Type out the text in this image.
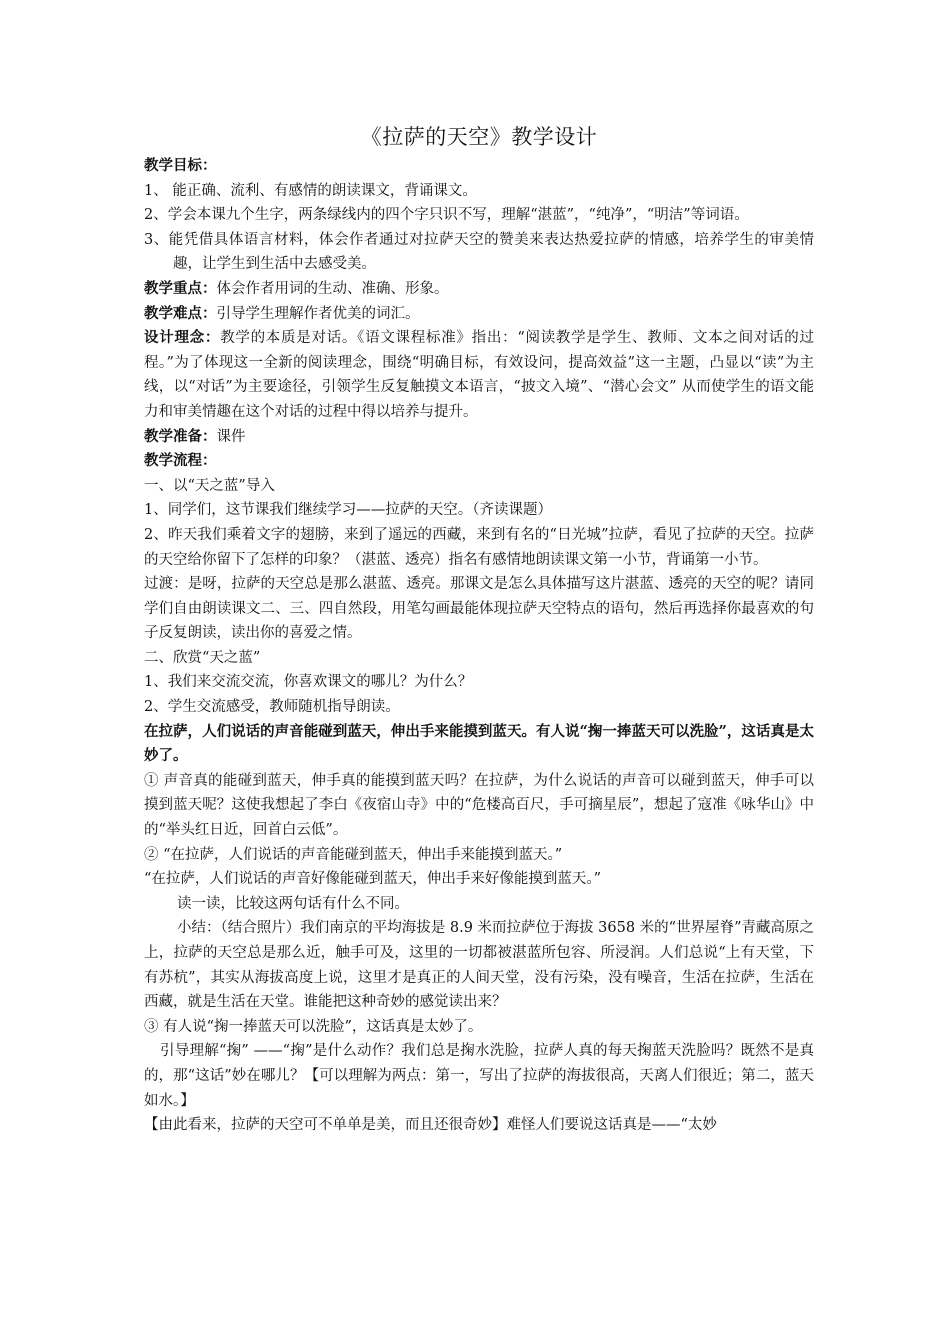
《拉萨的天空》教学设计

教学目标：

1、 能正确、流利、有感情的朗读课文，背诵课文。

2、学会本课九个生字，两条绿线内的四个字只识不写，理解“湛蓝”，“纯净”，“明洁”等词语。

3、能凭借具体语言材料，体会作者通过对拉萨天空的赞美来表达热爱拉萨的情感，培养学生的审美情趣，让学生到生活中去感受美。

教学重点：体会作者用词的生动、准确、形象。

教学难点：引导学生理解作者优美的词汇。

设计理念：教学的本质是对话。《语文课程标准》指出：“阅读教学是学生、教师、文本之间对话的过程。”为了体现这一全新的阅读理念，围绕“明确目标，有效设问，提高效益”这一主题，凸显以“读”为主线，以“对话”为主要途径，引领学生反复触摸文本语言，“披文入境”、“潜心会文” 从而使学生的语文能力和审美情趣在这个对话的过程中得以培养与提升。

教学准备：课件

教学流程：

一、以“天之蓝”导入

1、同学们，这节课我们继续学习——拉萨的天空。（齐读课题）

2、昨天我们乘着文字的翅膀，来到了遥远的西藏，来到有名的“日光城”拉萨，看见了拉萨的天空。拉萨的天空给你留下了怎样的印象？（湛蓝、透亮）指名有感情地朗读课文第一小节，背诵第一小节。

过渡：是呀，拉萨的天空总是那么湛蓝、透亮。那课文是怎么具体描写这片湛蓝、透亮的天空的呢？请同学们自由朗读课文二、三、四自然段，用笔勾画最能体现拉萨天空特点的语句，然后再选择你最喜欢的句子反复朗读，读出你的喜爱之情。

二、欣赏“天之蓝”

1、我们来交流交流，你喜欢课文的哪儿？为什么？

2、学生交流感受，教师随机指导朗读。

在拉萨，人们说话的声音能碰到蓝天，伸出手来能摸到蓝天。有人说“掬一捧蓝天可以洗脸”，这话真是太妙了。

① 声音真的能碰到蓝天，伸手真的能摸到蓝天吗？在拉萨，为什么说话的声音可以碰到蓝天，伸手可以摸到蓝天呢？这使我想起了李白《夜宿山寺》中的“危楼高百尺，手可摘星辰”，想起了寇准《咏华山》中的“举头红日近，回首白云低”。

② “在拉萨，人们说话的声音能碰到蓝天，伸出手来能摸到蓝天。”

“在拉萨，人们说话的声音好像能碰到蓝天，伸出手来好像能摸到蓝天。”

读一读，比较这两句话有什么不同。

小结：（结合照片）我们南京的平均海拔是 8.9 米而拉萨位于海拔 3658 米的“世界屋脊”青藏高原之上，拉萨的天空总是那么近，触手可及，这里的一切都被湛蓝所包容、所浸润。人们总说“上有天堂，下有苏杭”，其实从海拔高度上说，这里才是真正的人间天堂，没有污染，没有噪音，生活在拉萨，生活在西藏，就是生活在天堂。谁能把这种奇妙的感觉读出来？

③ 有人说“掬一捧蓝天可以洗脸”，这话真是太妙了。

引导理解“掬” ——“掬”是什么动作？我们总是掬水洗脸，拉萨人真的每天掬蓝天洗脸吗？既然不是真的，那“这话”妙在哪儿？【可以理解为两点：第一，写出了拉萨的海拔很高，天离人们很近；第二，蓝天如水。】

【由此看来，拉萨的天空可不单单是美，而且还很奇妙】难怪人们要说这话真是——“太妙
